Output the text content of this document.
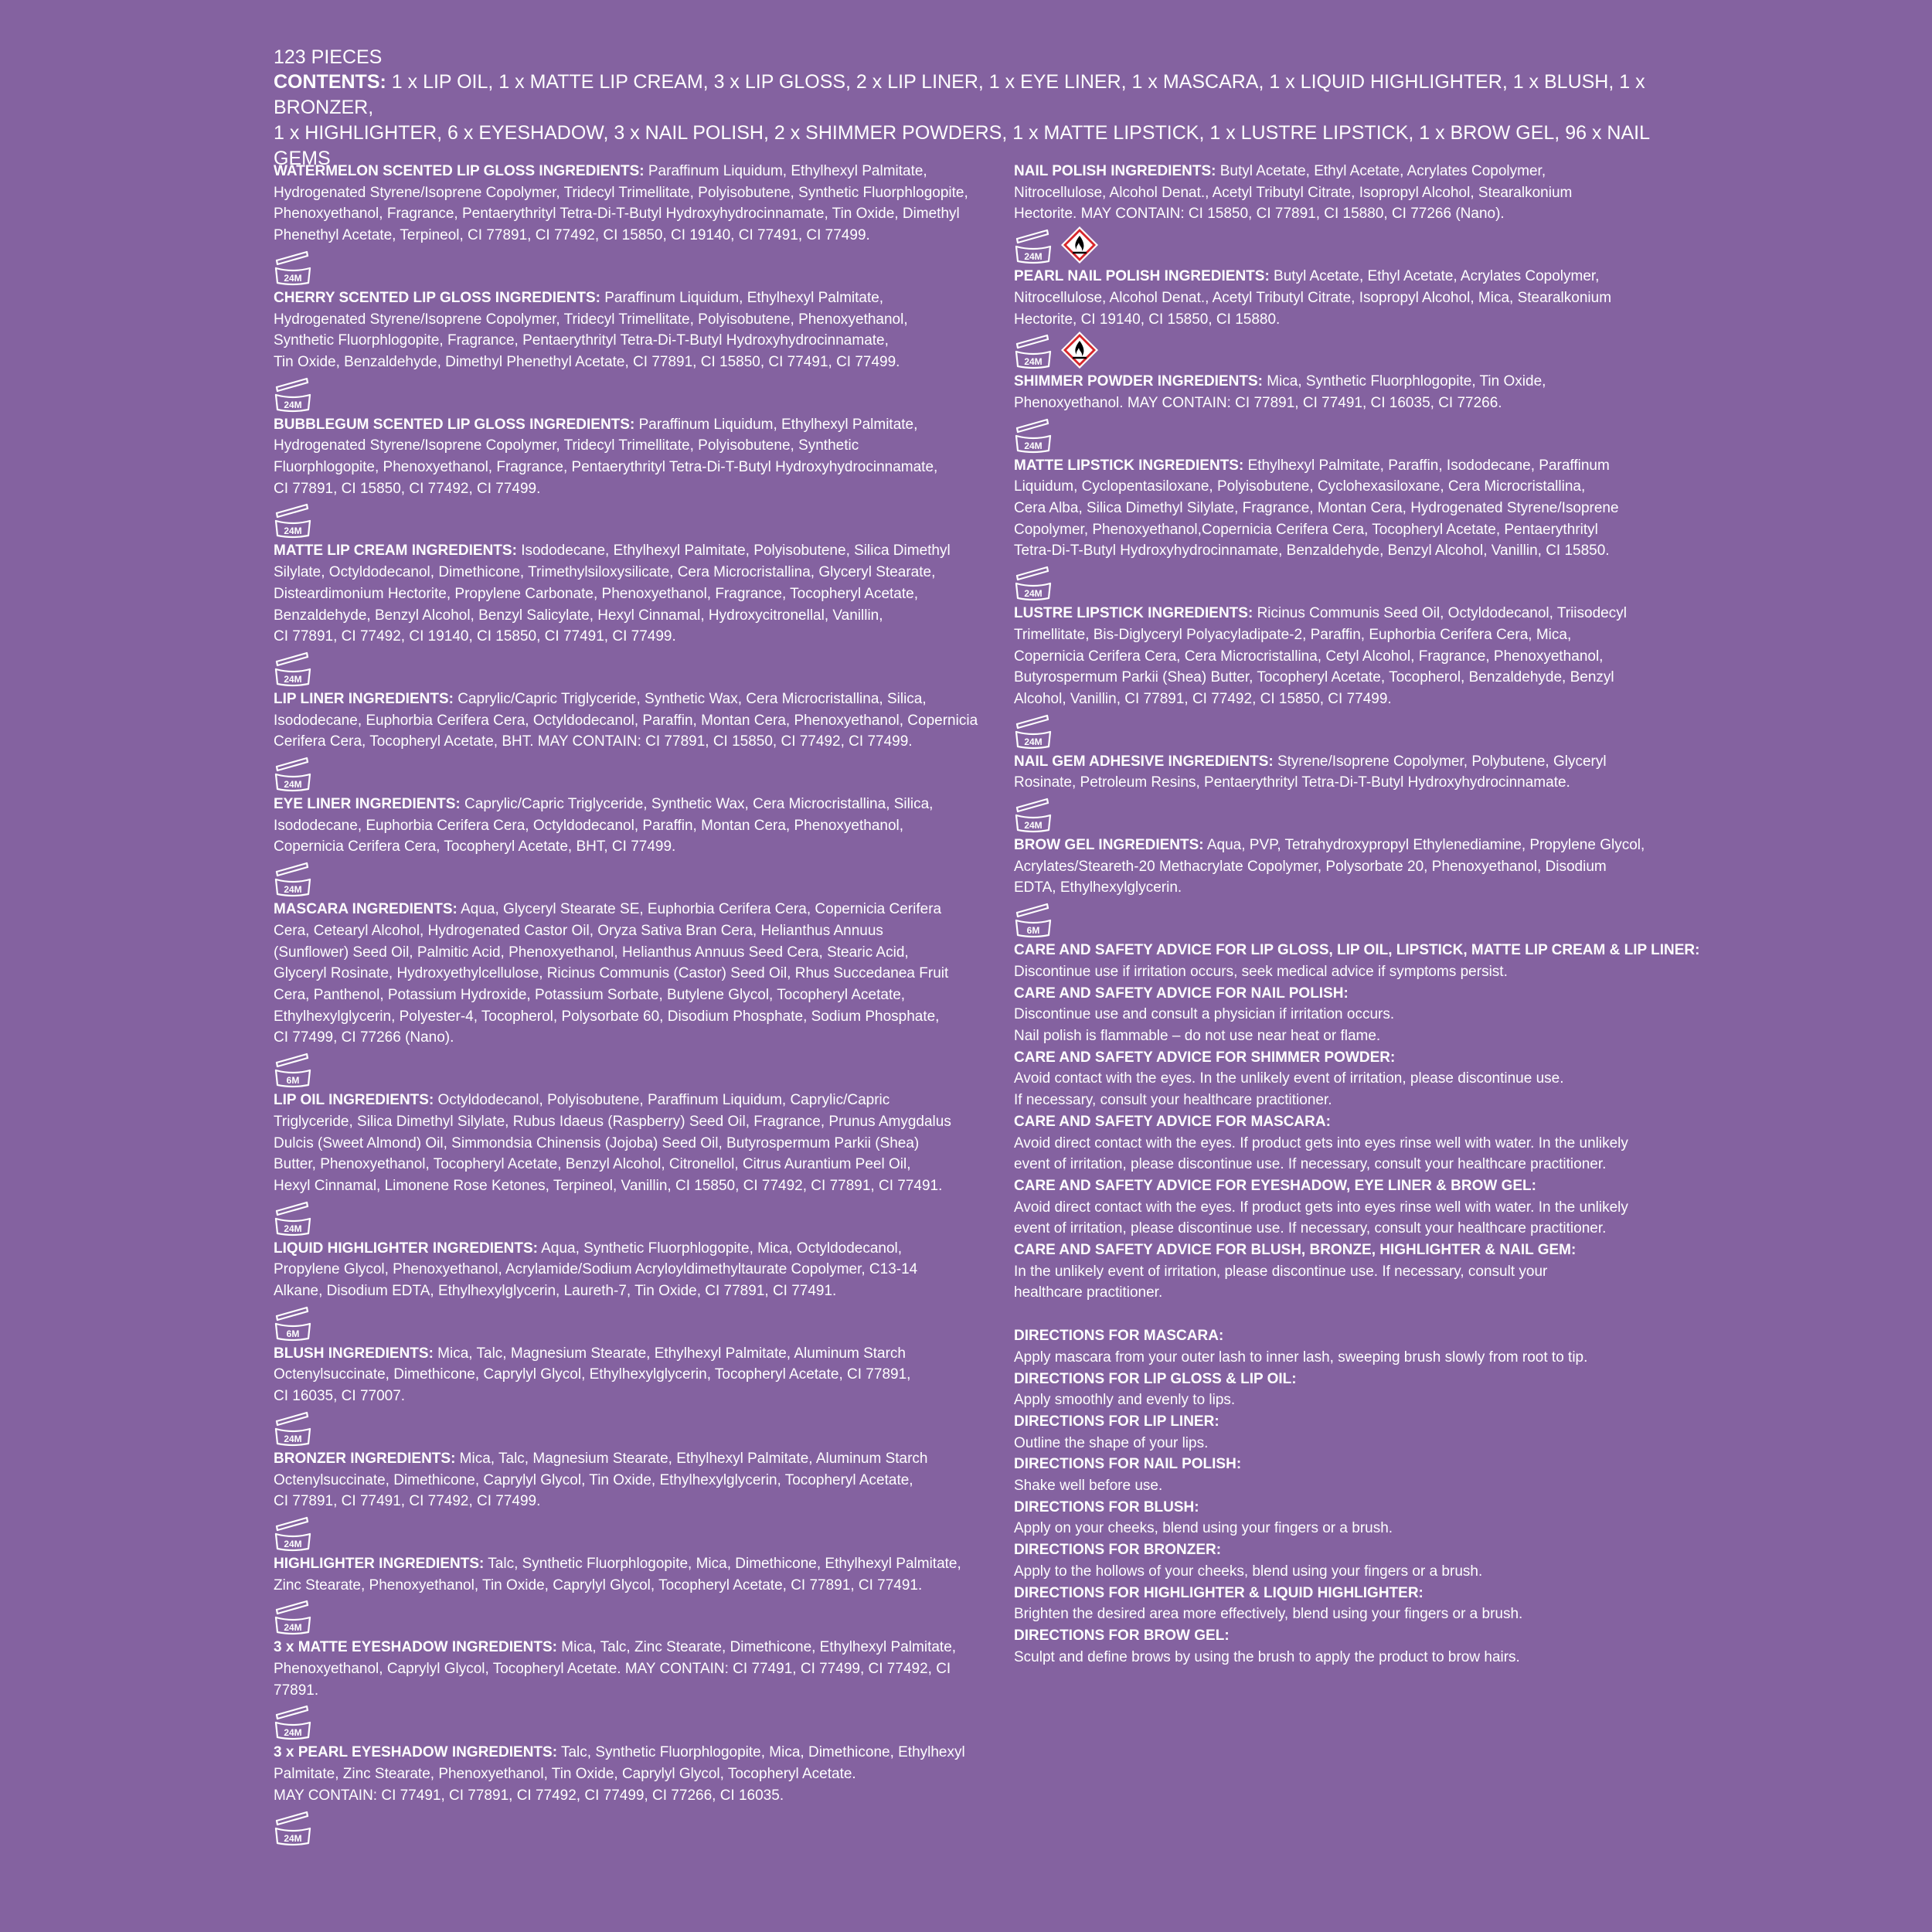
123 PIECES
CONTENTS: 1 x LIP OIL, 1 x MATTE LIP CREAM, 3 x LIP GLOSS, 2 x LIP LINER, 1 x EYE LINER, 1 x MASCARA, 1 x LIQUID HIGHLIGHTER, 1 x BLUSH, 1 x BRONZER,
1 x HIGHLIGHTER, 6 x EYESHADOW, 3 x NAIL POLISH, 2 x SHIMMER POWDERS, 1 x MATTE LIPSTICK, 1 x LUSTRE LIPSTICK, 1 x BROW GEL, 96 x NAIL GEMS
WATERMELON SCENTED LIP GLOSS INGREDIENTS: Paraffinum Liquidum, Ethylhexyl Palmitate,
Hydrogenated Styrene/Isoprene Copolymer, Tridecyl Trimellitate, Polyisobutene, Synthetic Fluorphlogopite,
Phenoxyethanol, Fragrance, Pentaerythrityl Tetra-Di-T-Butyl Hydroxyhydrocinnamate, Tin Oxide, Dimethyl
Phenethyl Acetate, Terpineol, CI 77891, CI 77492, CI 15850, CI 19140, CI 77491, CI 77499.
24M
CHERRY SCENTED LIP GLOSS INGREDIENTS: Paraffinum Liquidum, Ethylhexyl Palmitate,
Hydrogenated Styrene/Isoprene Copolymer, Tridecyl Trimellitate, Polyisobutene, Phenoxyethanol,
Synthetic Fluorphlogopite, Fragrance, Pentaerythrityl Tetra-Di-T-Butyl Hydroxyhydrocinnamate,
Tin Oxide, Benzaldehyde, Dimethyl Phenethyl Acetate, CI 77891, CI 15850, CI 77491, CI 77499.
24M
BUBBLEGUM SCENTED LIP GLOSS INGREDIENTS: Paraffinum Liquidum, Ethylhexyl Palmitate,
Hydrogenated Styrene/Isoprene Copolymer, Tridecyl Trimellitate, Polyisobutene, Synthetic
Fluorphlogopite, Phenoxyethanol, Fragrance, Pentaerythrityl Tetra-Di-T-Butyl Hydroxyhydrocinnamate,
CI 77891, CI 15850, CI 77492, CI 77499.
24M
MATTE LIP CREAM INGREDIENTS: Isododecane, Ethylhexyl Palmitate, Polyisobutene, Silica Dimethyl
Silylate, Octyldodecanol, Dimethicone, Trimethylsiloxysilicate, Cera Microcristallina, Glyceryl Stearate,
Disteardimonium Hectorite, Propylene Carbonate, Phenoxyethanol, Fragrance, Tocopheryl Acetate,
Benzaldehyde, Benzyl Alcohol, Benzyl Salicylate, Hexyl Cinnamal, Hydroxycitronellal, Vanillin,
CI 77891, CI 77492, CI 19140, CI 15850, CI 77491, CI 77499.
24M
LIP LINER INGREDIENTS: Caprylic/Capric Triglyceride, Synthetic Wax, Cera Microcristallina, Silica,
Isododecane, Euphorbia Cerifera Cera, Octyldodecanol, Paraffin, Montan Cera, Phenoxyethanol, Copernicia
Cerifera Cera, Tocopheryl Acetate, BHT. MAY CONTAIN: CI 77891, CI 15850, CI 77492, CI 77499.
24M
EYE LINER INGREDIENTS: Caprylic/Capric Triglyceride, Synthetic Wax, Cera Microcristallina, Silica,
Isododecane, Euphorbia Cerifera Cera, Octyldodecanol, Paraffin, Montan Cera, Phenoxyethanol,
Copernicia Cerifera Cera, Tocopheryl Acetate, BHT, CI 77499.
24M
MASCARA INGREDIENTS: Aqua, Glyceryl Stearate SE, Euphorbia Cerifera Cera, Copernicia Cerifera
Cera, Cetearyl Alcohol, Hydrogenated Castor Oil, Oryza Sativa Bran Cera, Helianthus Annuus
(Sunflower) Seed Oil, Palmitic Acid, Phenoxyethanol, Helianthus Annuus Seed Cera, Stearic Acid,
Glyceryl Rosinate, Hydroxyethylcellulose, Ricinus Communis (Castor) Seed Oil, Rhus Succedanea Fruit
Cera, Panthenol, Potassium Hydroxide, Potassium Sorbate, Butylene Glycol, Tocopheryl Acetate,
Ethylhexylglycerin, Polyester-4, Tocopherol, Polysorbate 60, Disodium Phosphate, Sodium Phosphate,
CI 77499, CI 77266 (Nano).
6M
LIP OIL INGREDIENTS: Octyldodecanol, Polyisobutene, Paraffinum Liquidum, Caprylic/Capric
Triglyceride, Silica Dimethyl Silylate, Rubus Idaeus (Raspberry) Seed Oil, Fragrance, Prunus Amygdalus
Dulcis (Sweet Almond) Oil, Simmondsia Chinensis (Jojoba) Seed Oil, Butyrospermum Parkii (Shea)
Butter, Phenoxyethanol, Tocopheryl Acetate, Benzyl Alcohol, Citronellol, Citrus Aurantium Peel Oil,
Hexyl Cinnamal, Limonene Rose Ketones, Terpineol, Vanillin, CI 15850, CI 77492, CI 77891, CI 77491.
24M
LIQUID HIGHLIGHTER INGREDIENTS: Aqua, Synthetic Fluorphlogopite, Mica, Octyldodecanol,
Propylene Glycol, Phenoxyethanol, Acrylamide/Sodium Acryloyldimethyltaurate Copolymer, C13-14
Alkane, Disodium EDTA, Ethylhexylglycerin, Laureth-7, Tin Oxide, CI 77891, CI 77491.
6M
BLUSH INGREDIENTS: Mica, Talc, Magnesium Stearate, Ethylhexyl Palmitate, Aluminum Starch
Octenylsuccinate, Dimethicone, Caprylyl Glycol, Ethylhexylglycerin, Tocopheryl Acetate, CI 77891,
CI 16035, CI 77007.
24M
BRONZER INGREDIENTS: Mica, Talc, Magnesium Stearate, Ethylhexyl Palmitate, Aluminum Starch
Octenylsuccinate, Dimethicone, Caprylyl Glycol, Tin Oxide, Ethylhexylglycerin, Tocopheryl Acetate,
CI 77891, CI 77491, CI 77492, CI 77499.
24M
HIGHLIGHTER INGREDIENTS: Talc, Synthetic Fluorphlogopite, Mica, Dimethicone, Ethylhexyl Palmitate,
Zinc Stearate, Phenoxyethanol, Tin Oxide, Caprylyl Glycol, Tocopheryl Acetate, CI 77891, CI 77491.
24M
3 x MATTE EYESHADOW INGREDIENTS: Mica, Talc, Zinc Stearate, Dimethicone, Ethylhexyl Palmitate,
Phenoxyethanol, Caprylyl Glycol, Tocopheryl Acetate. MAY CONTAIN: CI 77491, CI 77499, CI 77492, CI 77891.
24M
3 x PEARL EYESHADOW INGREDIENTS: Talc, Synthetic Fluorphlogopite, Mica, Dimethicone, Ethylhexyl
Palmitate, Zinc Stearate, Phenoxyethanol, Tin Oxide, Caprylyl Glycol, Tocopheryl Acetate.
MAY CONTAIN: CI 77491, CI 77891, CI 77492, CI 77499, CI 77266, CI 16035.
24M
NAIL POLISH INGREDIENTS: Butyl Acetate, Ethyl Acetate, Acrylates Copolymer,
Nitrocellulose, Alcohol Denat., Acetyl Tributyl Citrate, Isopropyl Alcohol, Stearalkonium
Hectorite. MAY CONTAIN: CI 15850, CI 77891, CI 15880, CI 77266 (Nano).
24M
PEARL NAIL POLISH INGREDIENTS: Butyl Acetate, Ethyl Acetate, Acrylates Copolymer,
Nitrocellulose, Alcohol Denat., Acetyl Tributyl Citrate, Isopropyl Alcohol, Mica, Stearalkonium
Hectorite, CI 19140, CI 15850, CI 15880.
24M
SHIMMER POWDER INGREDIENTS: Mica, Synthetic Fluorphlogopite, Tin Oxide,
Phenoxyethanol. MAY CONTAIN: CI 77891, CI 77491, CI 16035, CI 77266.
24M
MATTE LIPSTICK INGREDIENTS: Ethylhexyl Palmitate, Paraffin, Isododecane, Paraffinum
Liquidum, Cyclopentasiloxane, Polyisobutene, Cyclohexasiloxane, Cera Microcristallina,
Cera Alba, Silica Dimethyl Silylate, Fragrance, Montan Cera, Hydrogenated Styrene/Isoprene
Copolymer, Phenoxyethanol,Copernicia Cerifera Cera, Tocopheryl Acetate, Pentaerythrityl
Tetra-Di-T-Butyl Hydroxyhydrocinnamate, Benzaldehyde, Benzyl Alcohol, Vanillin, CI 15850.
24M
LUSTRE LIPSTICK INGREDIENTS: Ricinus Communis Seed Oil, Octyldodecanol, Triisodecyl
Trimellitate, Bis-Diglyceryl Polyacyladipate-2, Paraffin, Euphorbia Cerifera Cera, Mica,
Copernicia Cerifera Cera, Cera Microcristallina, Cetyl Alcohol, Fragrance, Phenoxyethanol,
Butyrospermum Parkii (Shea) Butter, Tocopheryl Acetate, Tocopherol, Benzaldehyde, Benzyl
Alcohol, Vanillin, CI 77891, CI 77492, CI 15850, CI 77499.
24M
NAIL GEM ADHESIVE INGREDIENTS: Styrene/Isoprene Copolymer, Polybutene, Glyceryl
Rosinate, Petroleum Resins, Pentaerythrityl Tetra-Di-T-Butyl Hydroxyhydrocinnamate.
24M
BROW GEL INGREDIENTS: Aqua, PVP, Tetrahydroxypropyl Ethylenediamine, Propylene Glycol,
Acrylates/Steareth-20 Methacrylate Copolymer, Polysorbate 20, Phenoxyethanol, Disodium
EDTA, Ethylhexylglycerin.
6M
CARE AND SAFETY ADVICE FOR LIP GLOSS, LIP OIL, LIPSTICK, MATTE LIP CREAM & LIP LINER:
Discontinue use if irritation occurs, seek medical advice if symptoms persist.
CARE AND SAFETY ADVICE FOR NAIL POLISH:
Discontinue use and consult a physician if irritation occurs.
Nail polish is flammable – do not use near heat or flame.
CARE AND SAFETY ADVICE FOR SHIMMER POWDER:
Avoid contact with the eyes. In the unlikely event of irritation, please discontinue use.
If necessary, consult your healthcare practitioner.
CARE AND SAFETY ADVICE FOR MASCARA:
Avoid direct contact with the eyes. If product gets into eyes rinse well with water. In the unlikely
event of irritation, please discontinue use. If necessary, consult your healthcare practitioner.
CARE AND SAFETY ADVICE FOR EYESHADOW, EYE LINER & BROW GEL:
Avoid direct contact with the eyes. If product gets into eyes rinse well with water. In the unlikely
event of irritation, please discontinue use. If necessary, consult your healthcare practitioner.
CARE AND SAFETY ADVICE FOR BLUSH, BRONZE, HIGHLIGHTER & NAIL GEM:
In the unlikely event of irritation, please discontinue use. If necessary, consult your
healthcare practitioner.
DIRECTIONS FOR MASCARA:
Apply mascara from your outer lash to inner lash, sweeping brush slowly from root to tip.
DIRECTIONS FOR LIP GLOSS & LIP OIL:
Apply smoothly and evenly to lips.
DIRECTIONS FOR LIP LINER:
Outline the shape of your lips.
DIRECTIONS FOR NAIL POLISH:
Shake well before use.
DIRECTIONS FOR BLUSH:
Apply on your cheeks, blend using your fingers or a brush.
DIRECTIONS FOR BRONZER:
Apply to the hollows of your cheeks, blend using your fingers or a brush.
DIRECTIONS FOR HIGHLIGHTER & LIQUID HIGHLIGHTER:
Brighten the desired area more effectively, blend using your fingers or a brush.
DIRECTIONS FOR BROW GEL:
Sculpt and define brows by using the brush to apply the product to brow hairs.
